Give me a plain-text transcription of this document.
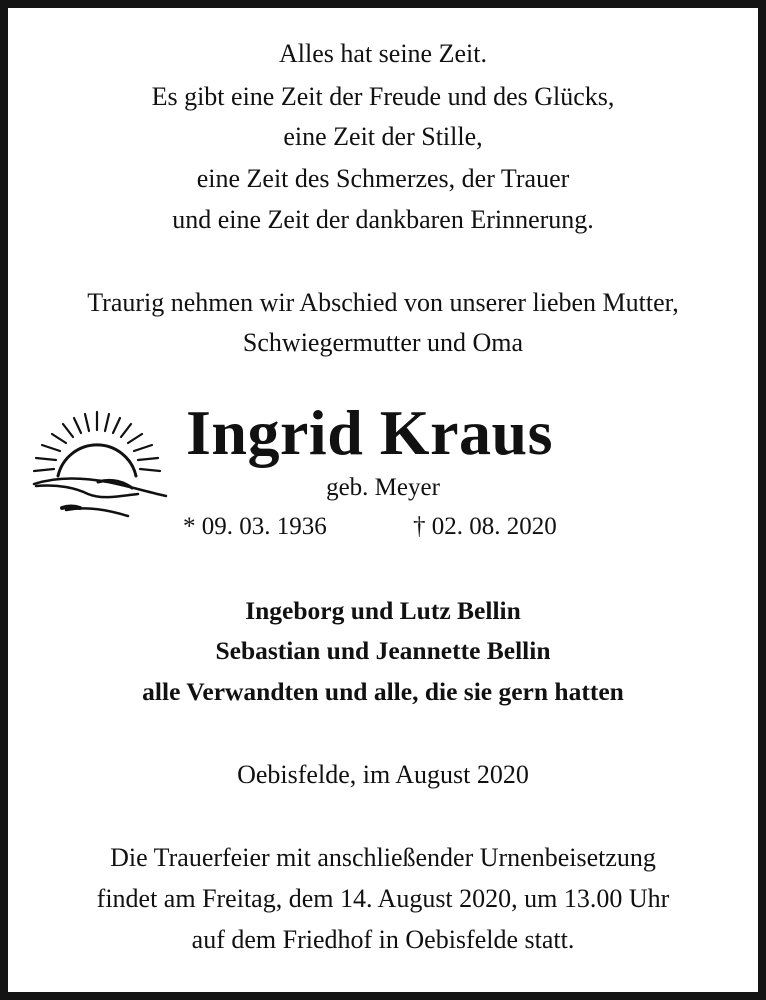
Alles hat seine Zeit.
Es gibt eine Zeit der Freude und des Glücks,
eine Zeit der Stille,
eine Zeit des Schmerzes, der Trauer
und eine Zeit der dankbaren Erinnerung.
Traurig nehmen wir Abschied von unserer lieben Mutter,
Schwiegermutter und Oma
Ingrid Kraus
geb. Meyer
* 09. 03. 1936	† 02. 08. 2020
Ingeborg und Lutz Bellin
Sebastian und Jeannette Bellin
alle Verwandten und alle, die sie gern hatten
Oebisfelde, im August 2020
Die Trauerfeier mit anschließender Urnenbeisetzung
findet am Freitag, dem 14. August 2020, um 13.00 Uhr
auf dem Friedhof in Oebisfelde statt.
